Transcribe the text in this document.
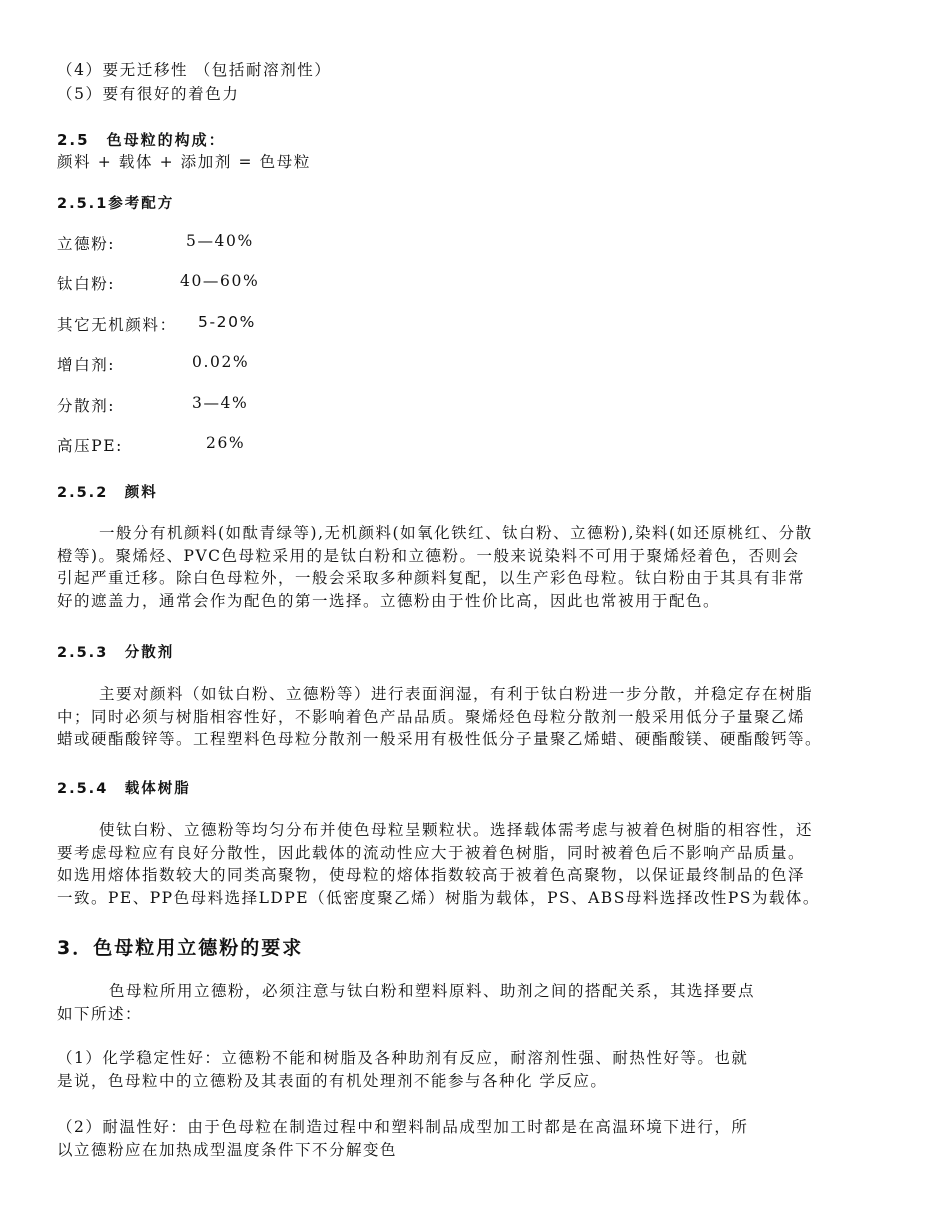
（4）要无迁移性 （包括耐溶剂性）
（5）要有很好的着色力
2.5　色母粒的构成：
颜料 + 载体 + 添加剂 = 色母粒
2.5.1参考配方
立德粉:	5—40%
钛白粉:	40—60%
其它无机颜料： 5-20%
增白剂:	0.02%
分散剂:	3—4%
高压PE:	26%
2.5.2　颜料

一般分有机颜料(如酞青绿等),无机颜料(如氧化铁红、钛白粉、立德粉),染料(如还原桃红、分散

橙等)。聚烯烃、PVC色母粒采用的是钛白粉和立德粉。一般来说染料不可用于聚烯烃着色，否则会

引起严重迁移。除白色母粒外，一般会采取多种颜料复配，以生产彩色母粒。钛白粉由于其具有非常

好的遮盖力，通常会作为配色的第一选择。立德粉由于性价比高，因此也常被用于配色。

2.5.3　分散剂

主要对颜料（如钛白粉、立德粉等）进行表面润湿，有利于钛白粉进一步分散，并稳定存在树脂

中；同时必须与树脂相容性好，不影响着色产品品质。聚烯烃色母粒分散剂一般采用低分子量聚乙烯

蜡或硬酯酸锌等。工程塑料色母粒分散剂一般采用有极性低分子量聚乙烯蜡、硬酯酸镁、硬酯酸钙等。

2.5.4　载体树脂

使钛白粉、立德粉等均匀分布并使色母粒呈颗粒状。选择载体需考虑与被着色树脂的相容性，还

要考虑母粒应有良好分散性，因此载体的流动性应大于被着色树脂，同时被着色后不影响产品质量。

如选用熔体指数较大的同类高聚物，使母粒的熔体指数较高于被着色高聚物，以保证最终制品的色泽

一致。PE、PP色母料选择LDPE（低密度聚乙烯）树脂为载体，PS、ABS母料选择改性PS为载体。

3．色母粒用立德粉的要求

色母粒所用立德粉，必须注意与钛白粉和塑料原料、助剂之间的搭配关系，其选择要点

如下所述：

（1）化学稳定性好：立德粉不能和树脂及各种助剂有反应，耐溶剂性强、耐热性好等。也就

是说，色母粒中的立德粉及其表面的有机处理剂不能参与各种化 学反应。

（2）耐温性好：由于色母粒在制造过程中和塑料制品成型加工时都是在高温环境下进行，所

以立德粉应在加热成型温度条件下不分解变色
